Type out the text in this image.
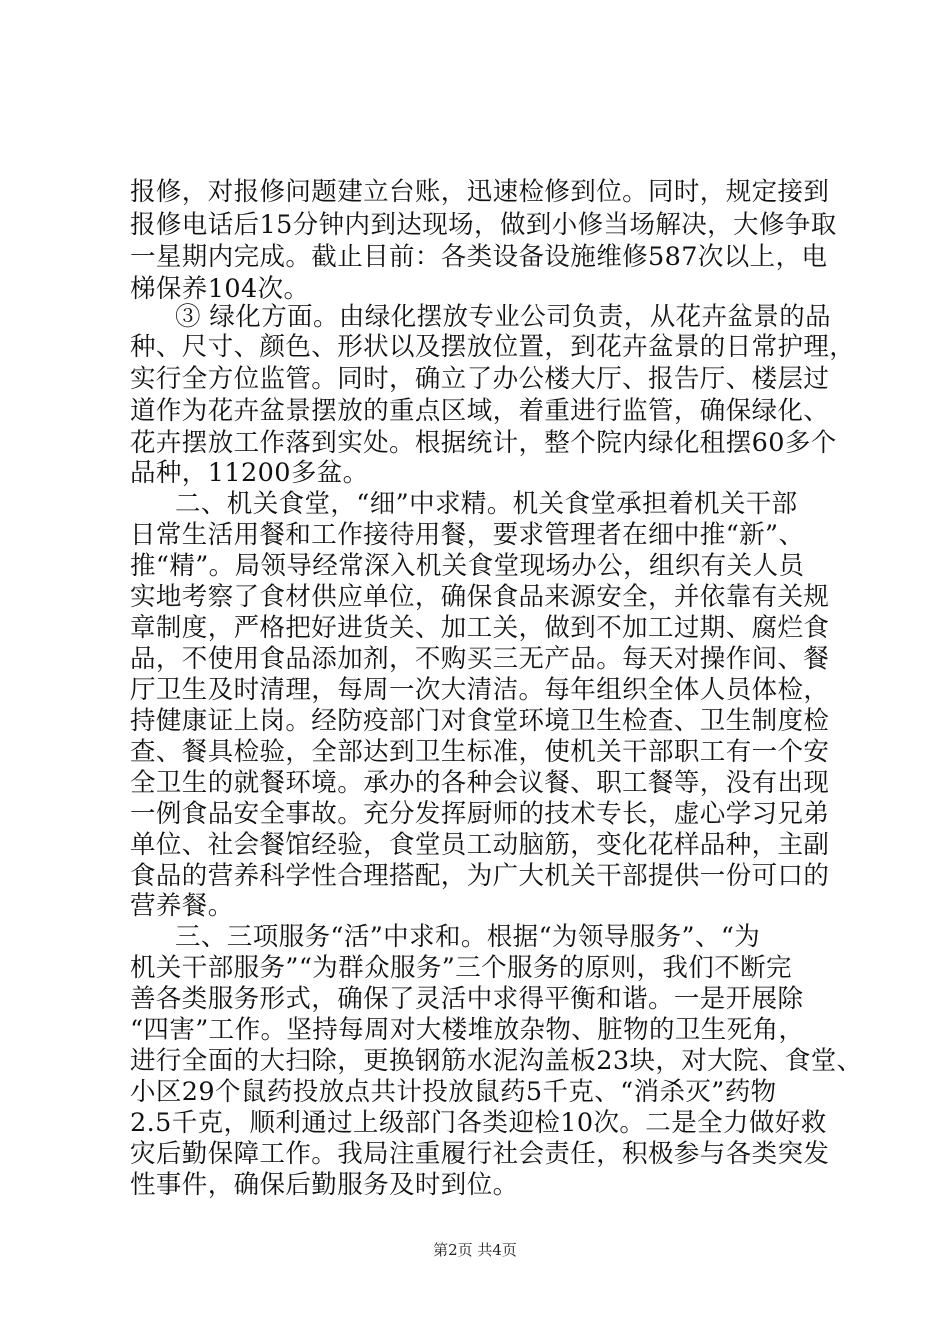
报修，对报修问题建立台账，迅速检修到位。同时，规定接到
报修电话后15分钟内到达现场，做到小修当场解决，大修争取
一星期内完成。截止目前：各类设备设施维修587次以上，电
梯保养104次。
③ 绿化方面。由绿化摆放专业公司负责，从花卉盆景的品
种、尺寸、颜色、形状以及摆放位置，到花卉盆景的日常护理，
实行全方位监管。同时，确立了办公楼大厅、报告厅、楼层过
道作为花卉盆景摆放的重点区域，着重进行监管，确保绿化、
花卉摆放工作落到实处。根据统计，整个院内绿化租摆60多个
品种，11200多盆。
二、机关食堂，“细”中求精。机关食堂承担着机关干部
日常生活用餐和工作接待用餐，要求管理者在细中推“新”、
推“精”。局领导经常深入机关食堂现场办公，组织有关人员
实地考察了食材供应单位，确保食品来源安全，并依靠有关规
章制度，严格把好进货关、加工关，做到不加工过期、腐烂食
品，不使用食品添加剂，不购买三无产品。每天对操作间、餐
厅卫生及时清理，每周一次大清洁。每年组织全体人员体检，
持健康证上岗。经防疫部门对食堂环境卫生检查、卫生制度检
查、餐具检验，全部达到卫生标准，使机关干部职工有一个安
全卫生的就餐环境。承办的各种会议餐、职工餐等，没有出现
一例食品安全事故。充分发挥厨师的技术专长，虚心学习兄弟
单位、社会餐馆经验，食堂员工动脑筋，变化花样品种，主副
食品的营养科学性合理搭配，为广大机关干部提供一份可口的
营养餐。
三、三项服务“活”中求和。根据“为领导服务”、“为
机关干部服务”“为群众服务”三个服务的原则，我们不断完
善各类服务形式，确保了灵活中求得平衡和谐。一是开展除
“四害”工作。坚持每周对大楼堆放杂物、脏物的卫生死角，
进行全面的大扫除，更换钢筋水泥沟盖板23块，对大院、食堂、
小区29个鼠药投放点共计投放鼠药5千克、“消杀灭”药物
2.5千克，顺利通过上级部门各类迎检10次。二是全力做好救
灾后勤保障工作。我局注重履行社会责任，积极参与各类突发
性事件，确保后勤服务及时到位。
第2页 共4页
